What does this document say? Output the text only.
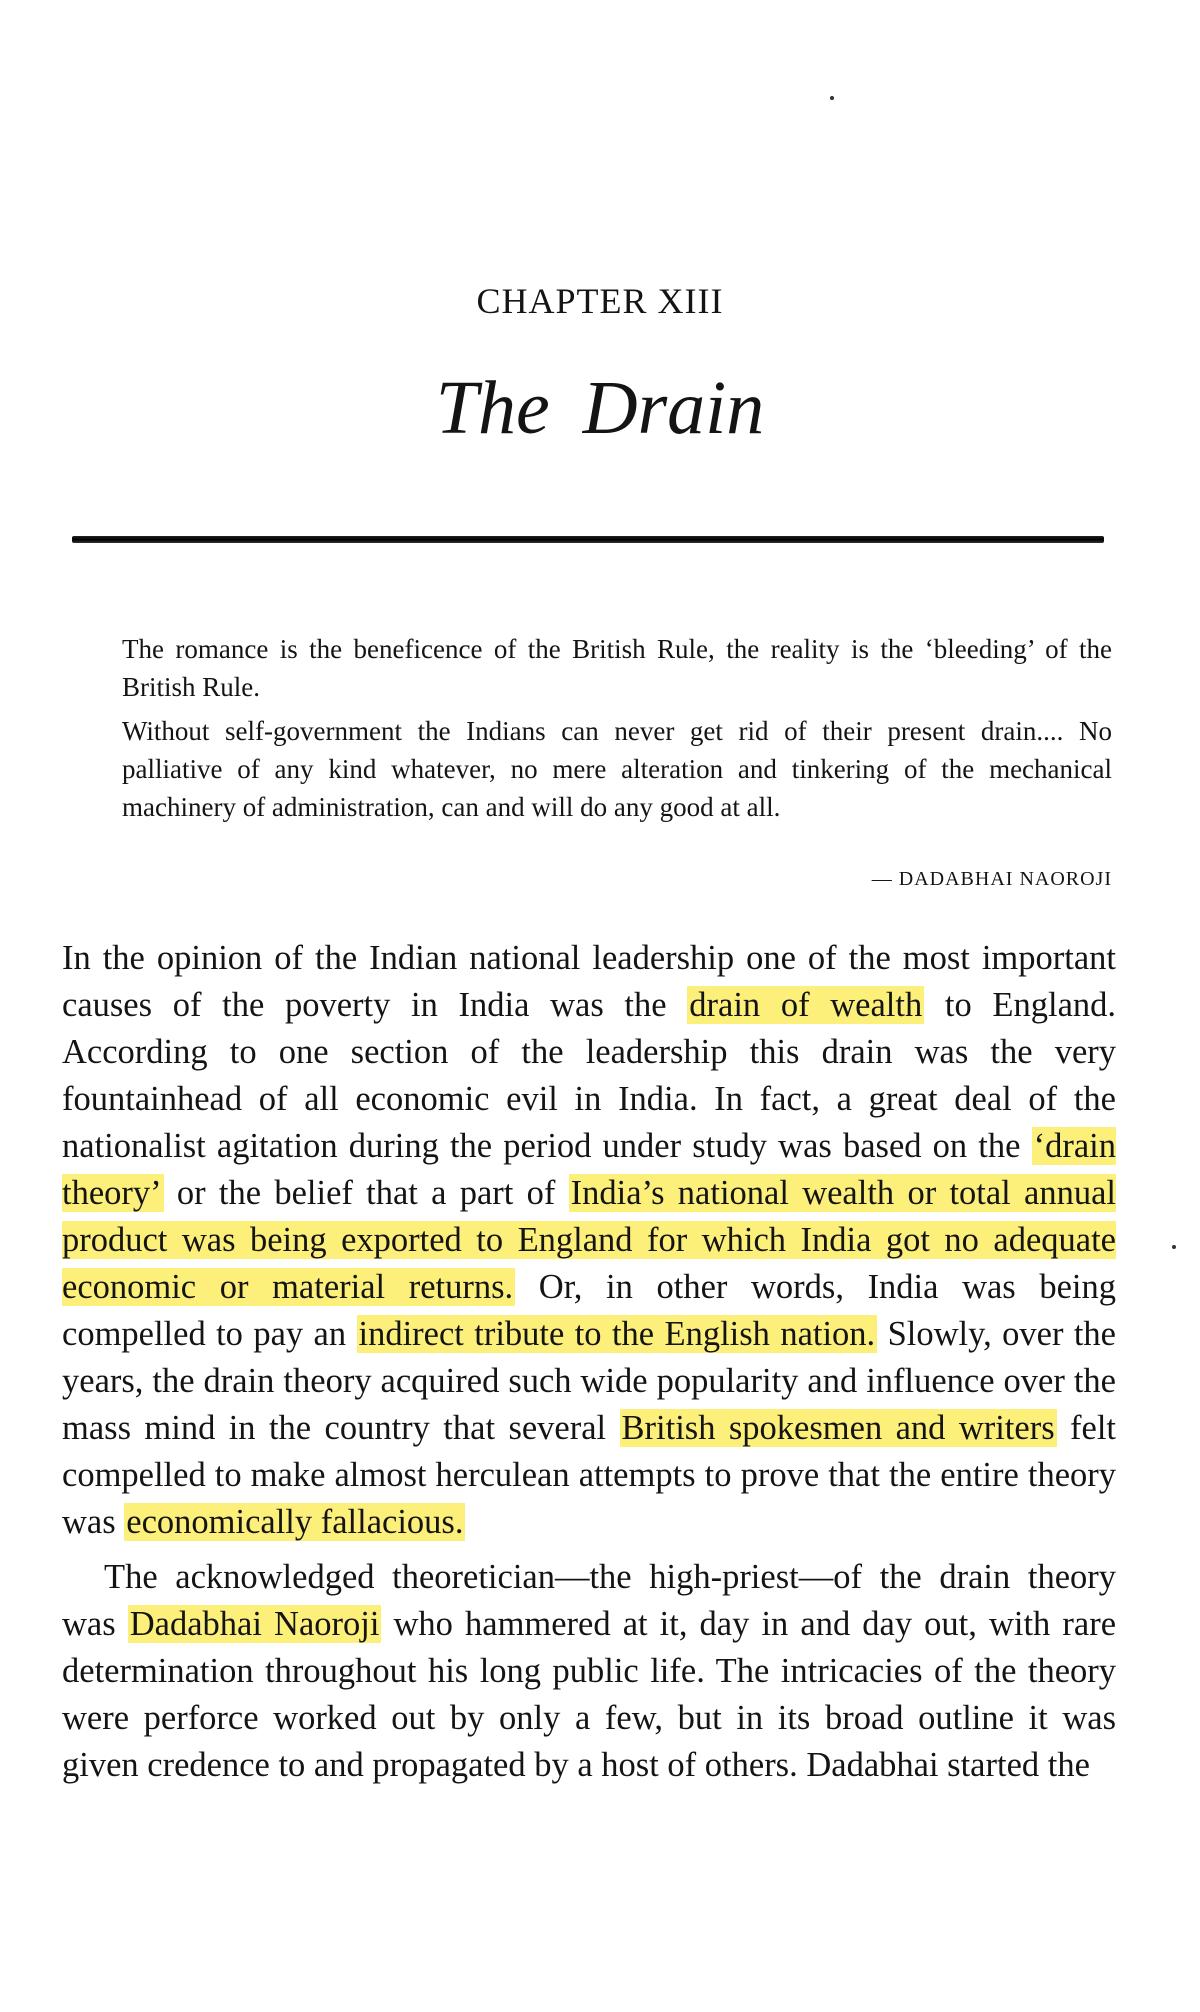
CHAPTER XIII
The Drain

The romance is the beneficence of the British Rule, the reality is the ‘bleeding’ of the British Rule.

Without self-government the Indians can never get rid of their present drain.... No palliative of any kind whatever, no mere alteration and tinkering of the mechanical machinery of administration, can and will do any good at all.

— DADABHAI NAOROJI

In the opinion of the Indian national leadership one of the most important causes of the poverty in India was the drain of wealth to England. According to one section of the leadership this drain was the very fountainhead of all economic evil in India. In fact, a great deal of the nationalist agitation during the period under study was based on the ‘drain theory’ or the belief that a part of India’s national wealth or total annual product was being exported to England for which India got no adequate economic or material returns. Or, in other words, India was being compelled to pay an indirect tribute to the English nation. Slowly, over the years, the drain theory acquired such wide popularity and influence over the mass mind in the country that several British spokesmen and writers felt compelled to make almost herculean attempts to prove that the entire theory was economically fallacious.

The acknowledged theoretician—the high-priest—of the drain theory was Dadabhai Naoroji who hammered at it, day in and day out, with rare determination throughout his long public life. The intricacies of the theory were perforce worked out by only a few, but in its broad outline it was given credence to and propagated by a host of others. Dadabhai started the
